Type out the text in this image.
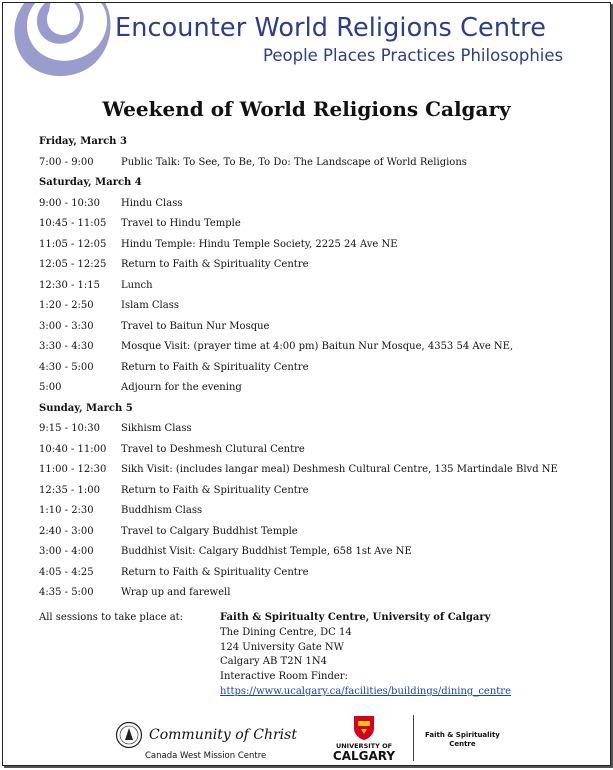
Encounter World Religions Centre
People Places Practices Philosophies
Weekend of World Religions Calgary
Friday, March 3
7:00 - 9:00	Public Talk: To See, To Be, To Do: The Landscape of World Religions
Saturday, March 4
9:00 - 10:30	Hindu Class
10:45 - 11:05	Travel to Hindu Temple
11:05 - 12:05	Hindu Temple: Hindu Temple Society, 2225 24 Ave NE
12:05 - 12:25	Return to Faith & Spirituality Centre
12:30 - 1:15	Lunch
1:20 - 2:50	Islam Class
3:00 - 3:30	Travel to Baitun Nur Mosque
3:30 - 4:30	Mosque Visit: (prayer time at 4:00 pm) Baitun Nur Mosque, 4353 54 Ave NE,
4:30 - 5:00	Return to Faith & Spirituality Centre
5:00	Adjourn for the evening
Sunday, March 5
9:15 - 10:30	Sikhism Class
10:40 - 11:00	Travel to Deshmesh Clutural Centre
11:00 - 12:30	Sikh Visit: (includes langar meal) Deshmesh Cultural Centre, 135 Martindale Blvd NE
12:35 - 1:00	Return to Faith & Spirituality Centre
1:10 - 2:30	Buddhism Class
2:40 - 3:00	Travel to Calgary Buddhist Temple
3:00 - 4:00	Buddhist Visit: Calgary Buddhist Temple, 658 1st Ave NE
4:05 - 4:25	Return to Faith & Spirituality Centre
4:35 - 5:00	Wrap up and farewell
All sessions to take place at:	Faith & Spiritualty Centre, University of Calgary
The Dining Centre, DC 14
124 University Gate NW
Calgary AB T2N 1N4
Interactive Room Finder:
https://www.ucalgary.ca/facilities/buildings/dining_centre
Community of Christ
Canada West Mission Centre
UNIVERSITY OF
CALGARY
Faith & Spirituality
Centre
